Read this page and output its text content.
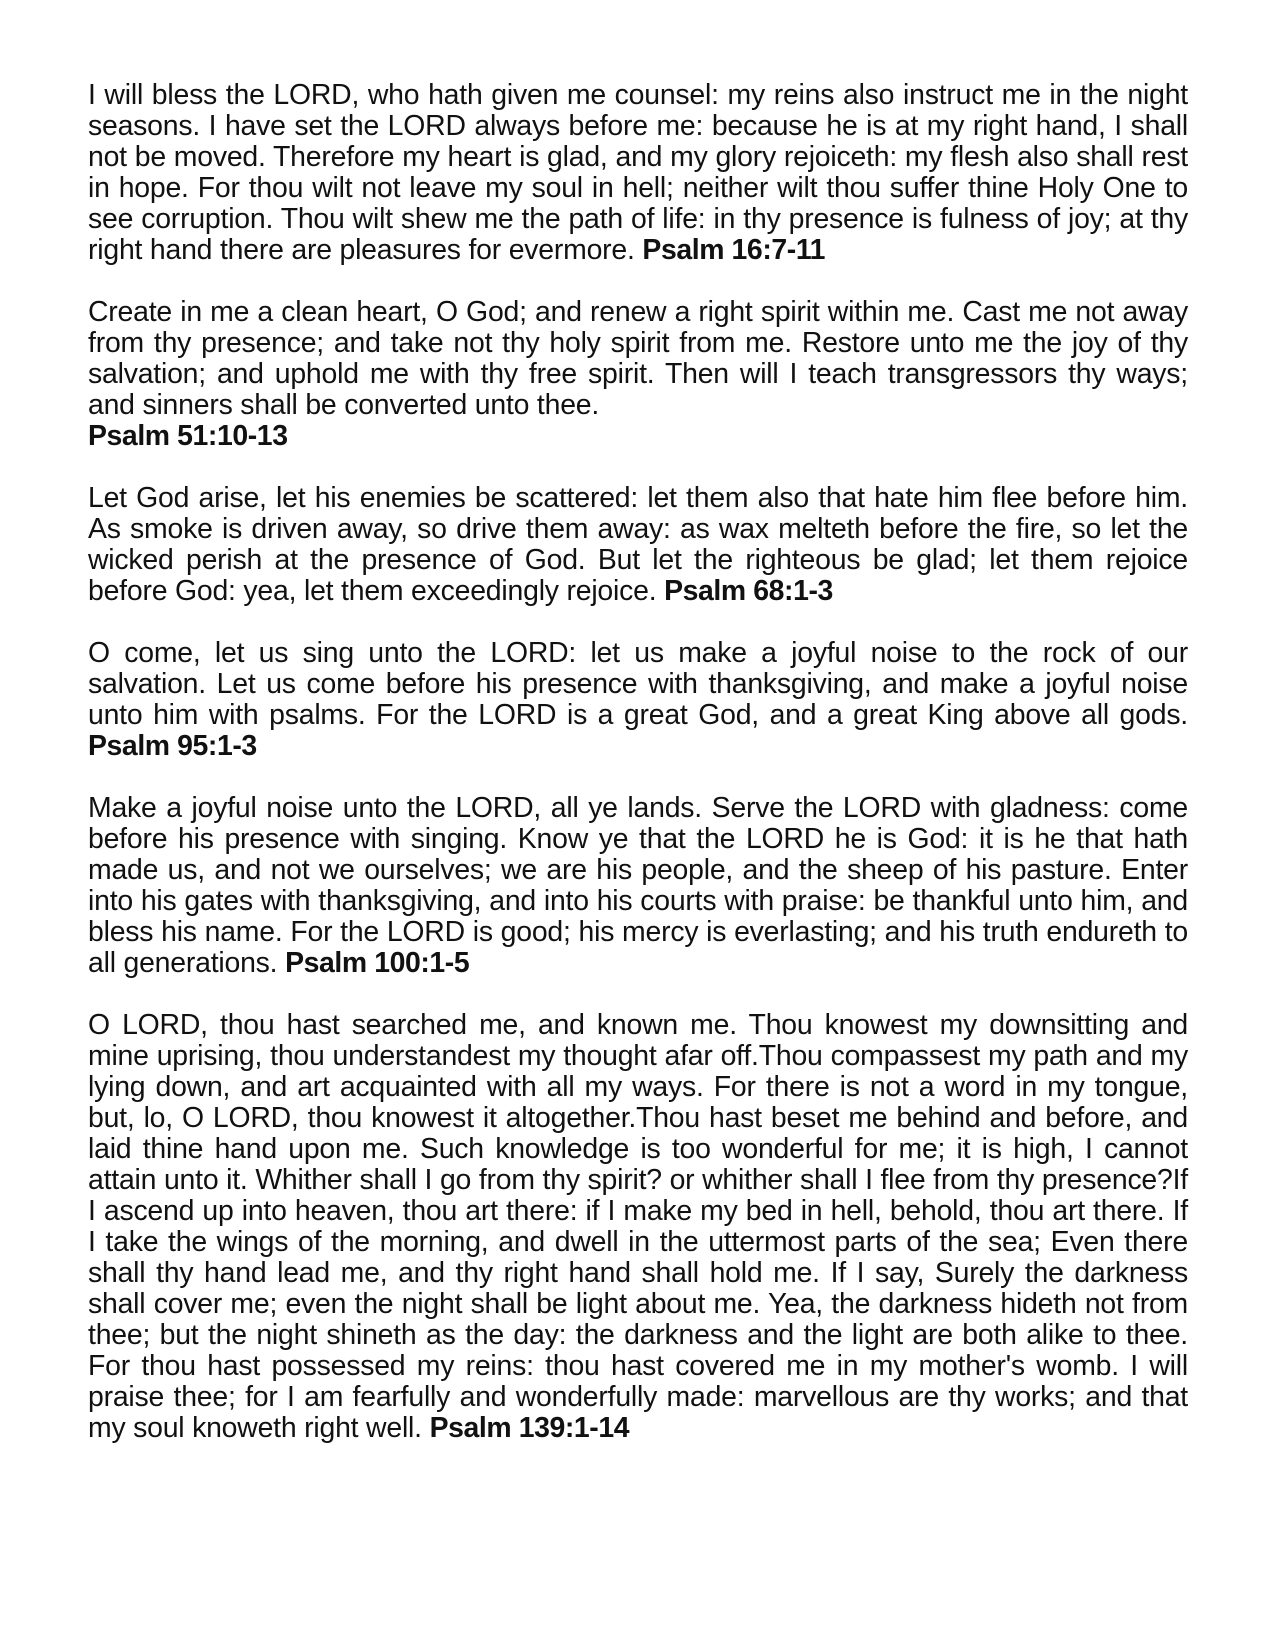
I will bless the LORD, who hath given me counsel: my reins also instruct me in the night seasons. I have set the LORD always before me: because he is at my right hand, I shall not be moved. Therefore my heart is glad, and my glory rejoiceth: my flesh also shall rest in hope. For thou wilt not leave my soul in hell; neither wilt thou suffer thine Holy One to see corruption. Thou wilt shew me the path of life: in thy presence is fulness of joy; at thy right hand there are pleasures for evermore. Psalm 16:7-11

Create in me a clean heart, O God; and renew a right spirit within me. Cast me not away from thy presence; and take not thy holy spirit from me. Restore unto me the joy of thy salvation; and uphold me with thy free spirit. Then will I teach transgressors thy ways; and sinners shall be converted unto thee.
Psalm 51:10-13

Let God arise, let his enemies be scattered: let them also that hate him flee before him. As smoke is driven away, so drive them away: as wax melteth before the fire, so let the wicked perish at the presence of God. But let the righteous be glad; let them rejoice before God: yea, let them exceedingly rejoice. Psalm 68:1-3

O come, let us sing unto the LORD: let us make a joyful noise to the rock of our salvation. Let us come before his presence with thanksgiving, and make a joyful noise unto him with psalms. For the LORD is a great God, and a great King above all gods. Psalm 95:1-3

Make a joyful noise unto the LORD, all ye lands. Serve the LORD with gladness: come before his presence with singing. Know ye that the LORD he is God: it is he that hath made us, and not we ourselves; we are his people, and the sheep of his pasture. Enter into his gates with thanksgiving, and into his courts with praise: be thankful unto him, and bless his name. For the LORD is good; his mercy is everlasting; and his truth endureth to all generations. Psalm 100:1-5

O LORD, thou hast searched me, and known me. Thou knowest my downsitting and mine uprising, thou understandest my thought afar off.Thou compassest my path and my lying down, and art acquainted with all my ways. For there is not a word in my tongue, but, lo, O LORD, thou knowest it altogether.Thou hast beset me behind and before, and laid thine hand upon me. Such knowledge is too wonderful for me; it is high, I cannot attain unto it. Whither shall I go from thy spirit? or whither shall I flee from thy presence?If I ascend up into heaven, thou art there: if I make my bed in hell, behold, thou art there. If I take the wings of the morning, and dwell in the uttermost parts of the sea; Even there shall thy hand lead me, and thy right hand shall hold me. If I say, Surely the darkness shall cover me; even the night shall be light about me. Yea, the darkness hideth not from thee; but the night shineth as the day: the darkness and the light are both alike to thee. For thou hast possessed my reins: thou hast covered me in my mother's womb. I will praise thee; for I am fearfully and wonderfully made: marvellous are thy works; and that my soul knoweth right well. Psalm 139:1-14
